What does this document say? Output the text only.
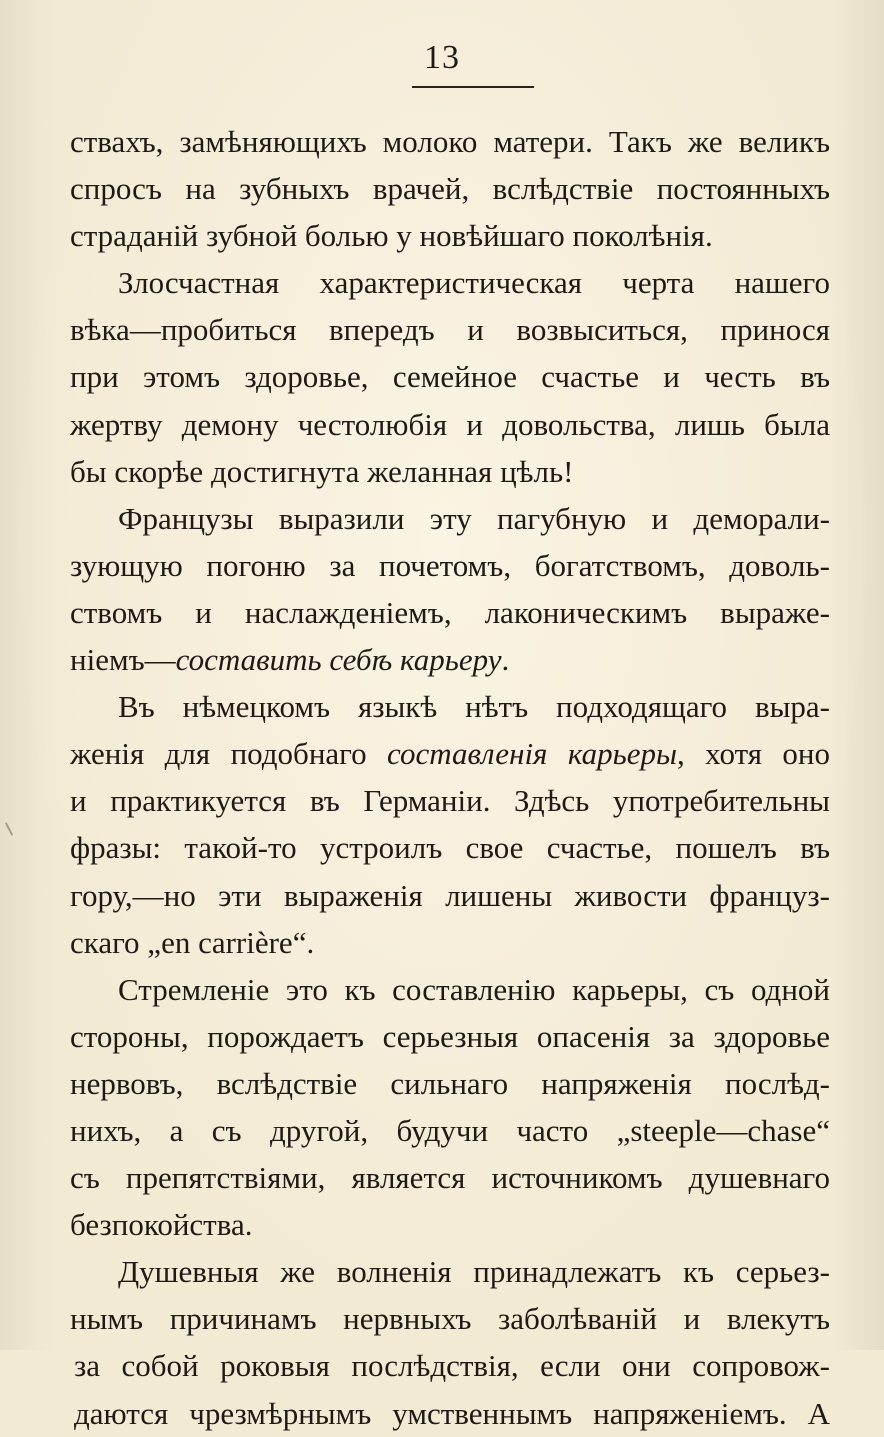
13
ствахъ, замѣняющихъ молоко матери. Такъ же великъ
спросъ на зубныхъ врачей, вслѣдствіе постоянныхъ
страданій зубной болью у новѣйшаго поколѣнія.
Злосчастная характеристическая черта нашего
вѣка—пробиться впередъ и возвыситься, принося
при этомъ здоровье, семейное счастье и честь въ
жертву демону честолюбія и довольства, лишь была
бы скорѣе достигнута желанная цѣль!
Французы выразили эту пагубную и деморали-
зующую погоню за почетомъ, богатствомъ, доволь-
ствомъ и наслажденіемъ, лаконическимъ выраже-
ніемъ—составить себѣ карьеру.
Въ нѣмецкомъ языкѣ нѣтъ подходящаго выра-
женія для подобнаго составленія карьеры, хотя оно
и практикуется въ Германіи. Здѣсь употребительны
фразы: такой-то устроилъ свое счастье, пошелъ въ
гору,—но эти выраженія лишены живости француз-
скаго „en carrière“.
Стремленіе это къ составленію карьеры, съ одной
стороны, порождаетъ серьезныя опасенія за здоровье
нервовъ, вслѣдствіе сильнаго напряженія послѣд-
нихъ, а съ другой, будучи часто „steeple—chase“
съ препятствіями, является источникомъ душевнаго
безпокойства.
Душевныя же волненія принадлежатъ къ серьез-
нымъ причинамъ нервныхъ заболѣваній и влекутъ
за собой роковыя послѣдствія, если они сопровож-
даются чрезмѣрнымъ умственнымъ напряженіемъ. А
